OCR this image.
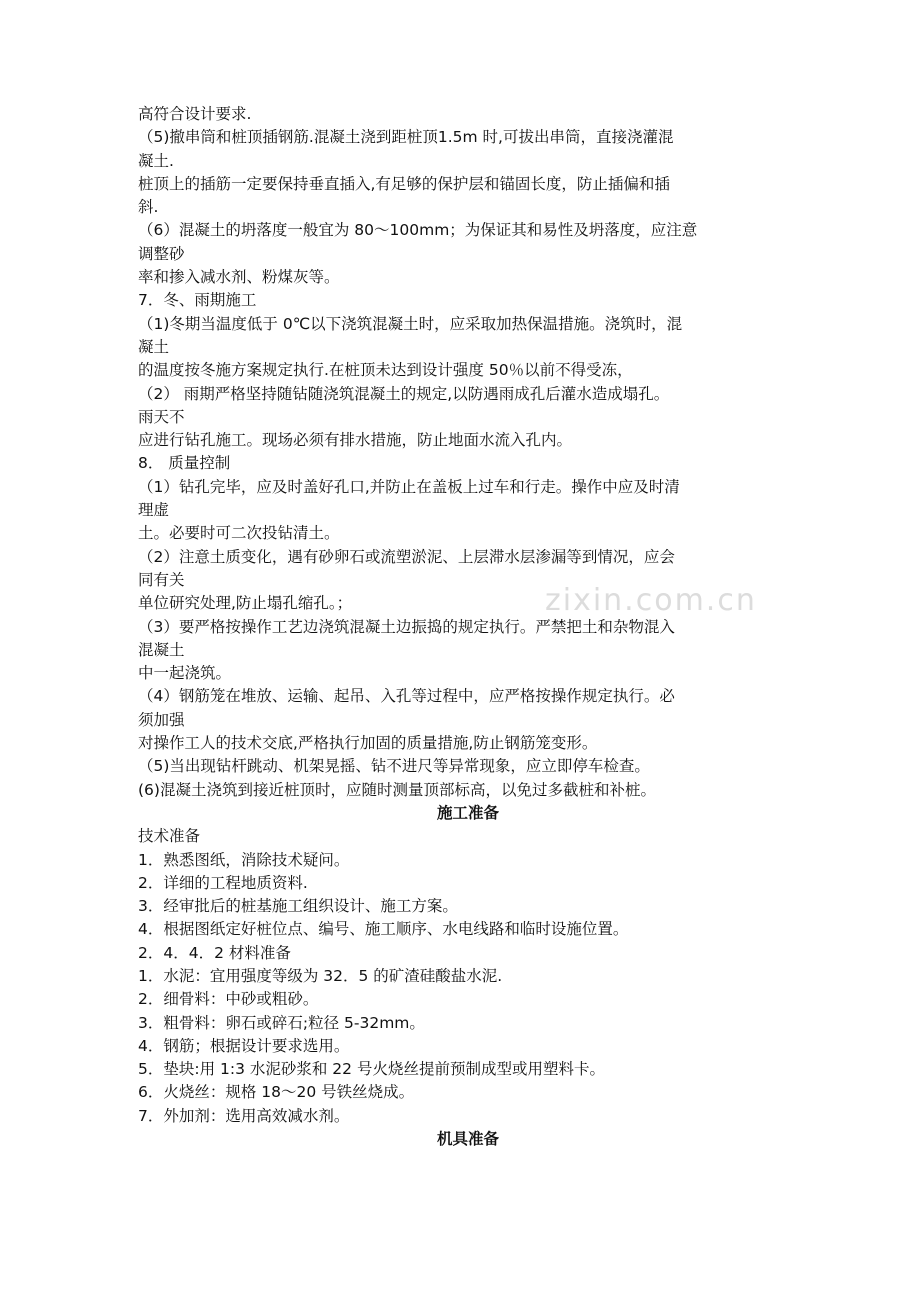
zixin.com.cn
高符合设计要求.
（5)撤串筒和桩顶插钢筋.混凝土浇到距桩顶1.5m 时,可拔出串筒，直接浇灌混
凝土.
桩顶上的插筋一定要保持垂直插入,有足够的保护层和锚固长度，防止插偏和插
斜.
（6）混凝土的坍落度一般宜为 80～100mm；为保证其和易性及坍落度，应注意
调整砂
率和掺入减水剂、粉煤灰等。
7．冬、雨期施工
（1)冬期当温度低于 0℃以下浇筑混凝土时，应采取加热保温措施。浇筑时，混
凝土
的温度按冬施方案规定执行.在桩顶未达到设计强度 50％以前不得受冻，
（2） 雨期严格坚持随钻随浇筑混凝土的规定,以防遇雨成孔后灌水造成塌孔。
雨天不
应进行钻孔施工。现场必须有排水措施，防止地面水流入孔内。
8． 质量控制
（1）钻孔完毕，应及时盖好孔口,并防止在盖板上过车和行走。操作中应及时清
理虚
土。必要时可二次投钻清土。
（2）注意土质变化，遇有砂卵石或流塑淤泥、上层滞水层渗漏等到情况，应会
同有关
单位研究处理,防止塌孔缩孔。；
（3）要严格按操作工艺边浇筑混凝土边振捣的规定执行。严禁把土和杂物混入
混凝土
中一起浇筑。
（4）钢筋笼在堆放、运输、起吊、入孔等过程中，应严格按操作规定执行。必
须加强
对操作工人的技术交底,严格执行加固的质量措施,防止钢筋笼变形。
（5)当出现钻杆跳动、机架晃摇、钻不进尺等异常现象，应立即停车检查。
(6)混凝土浇筑到接近桩顶时，应随时测量顶部标高，以免过多截桩和补桩。
施工准备
技术准备
1．熟悉图纸，消除技术疑问。
2．详细的工程地质资料.
3．经审批后的桩基施工组织设计、施工方案。
4．根据图纸定好桩位点、编号、施工顺序、水电线路和临时设施位置。
2．4．4．2 材料准备
1．水泥：宜用强度等级为 32．5 的矿渣硅酸盐水泥.
2．细骨料：中砂或粗砂。
3．粗骨料：卵石或碎石;粒径 5-32mm。
4．钢筋；根据设计要求选用。
5．垫块:用 1:3 水泥砂浆和 22 号火烧丝提前预制成型或用塑料卡。
6．火烧丝：规格 18～20 号铁丝烧成。
7．外加剂：选用高效减水剂。
机具准备
